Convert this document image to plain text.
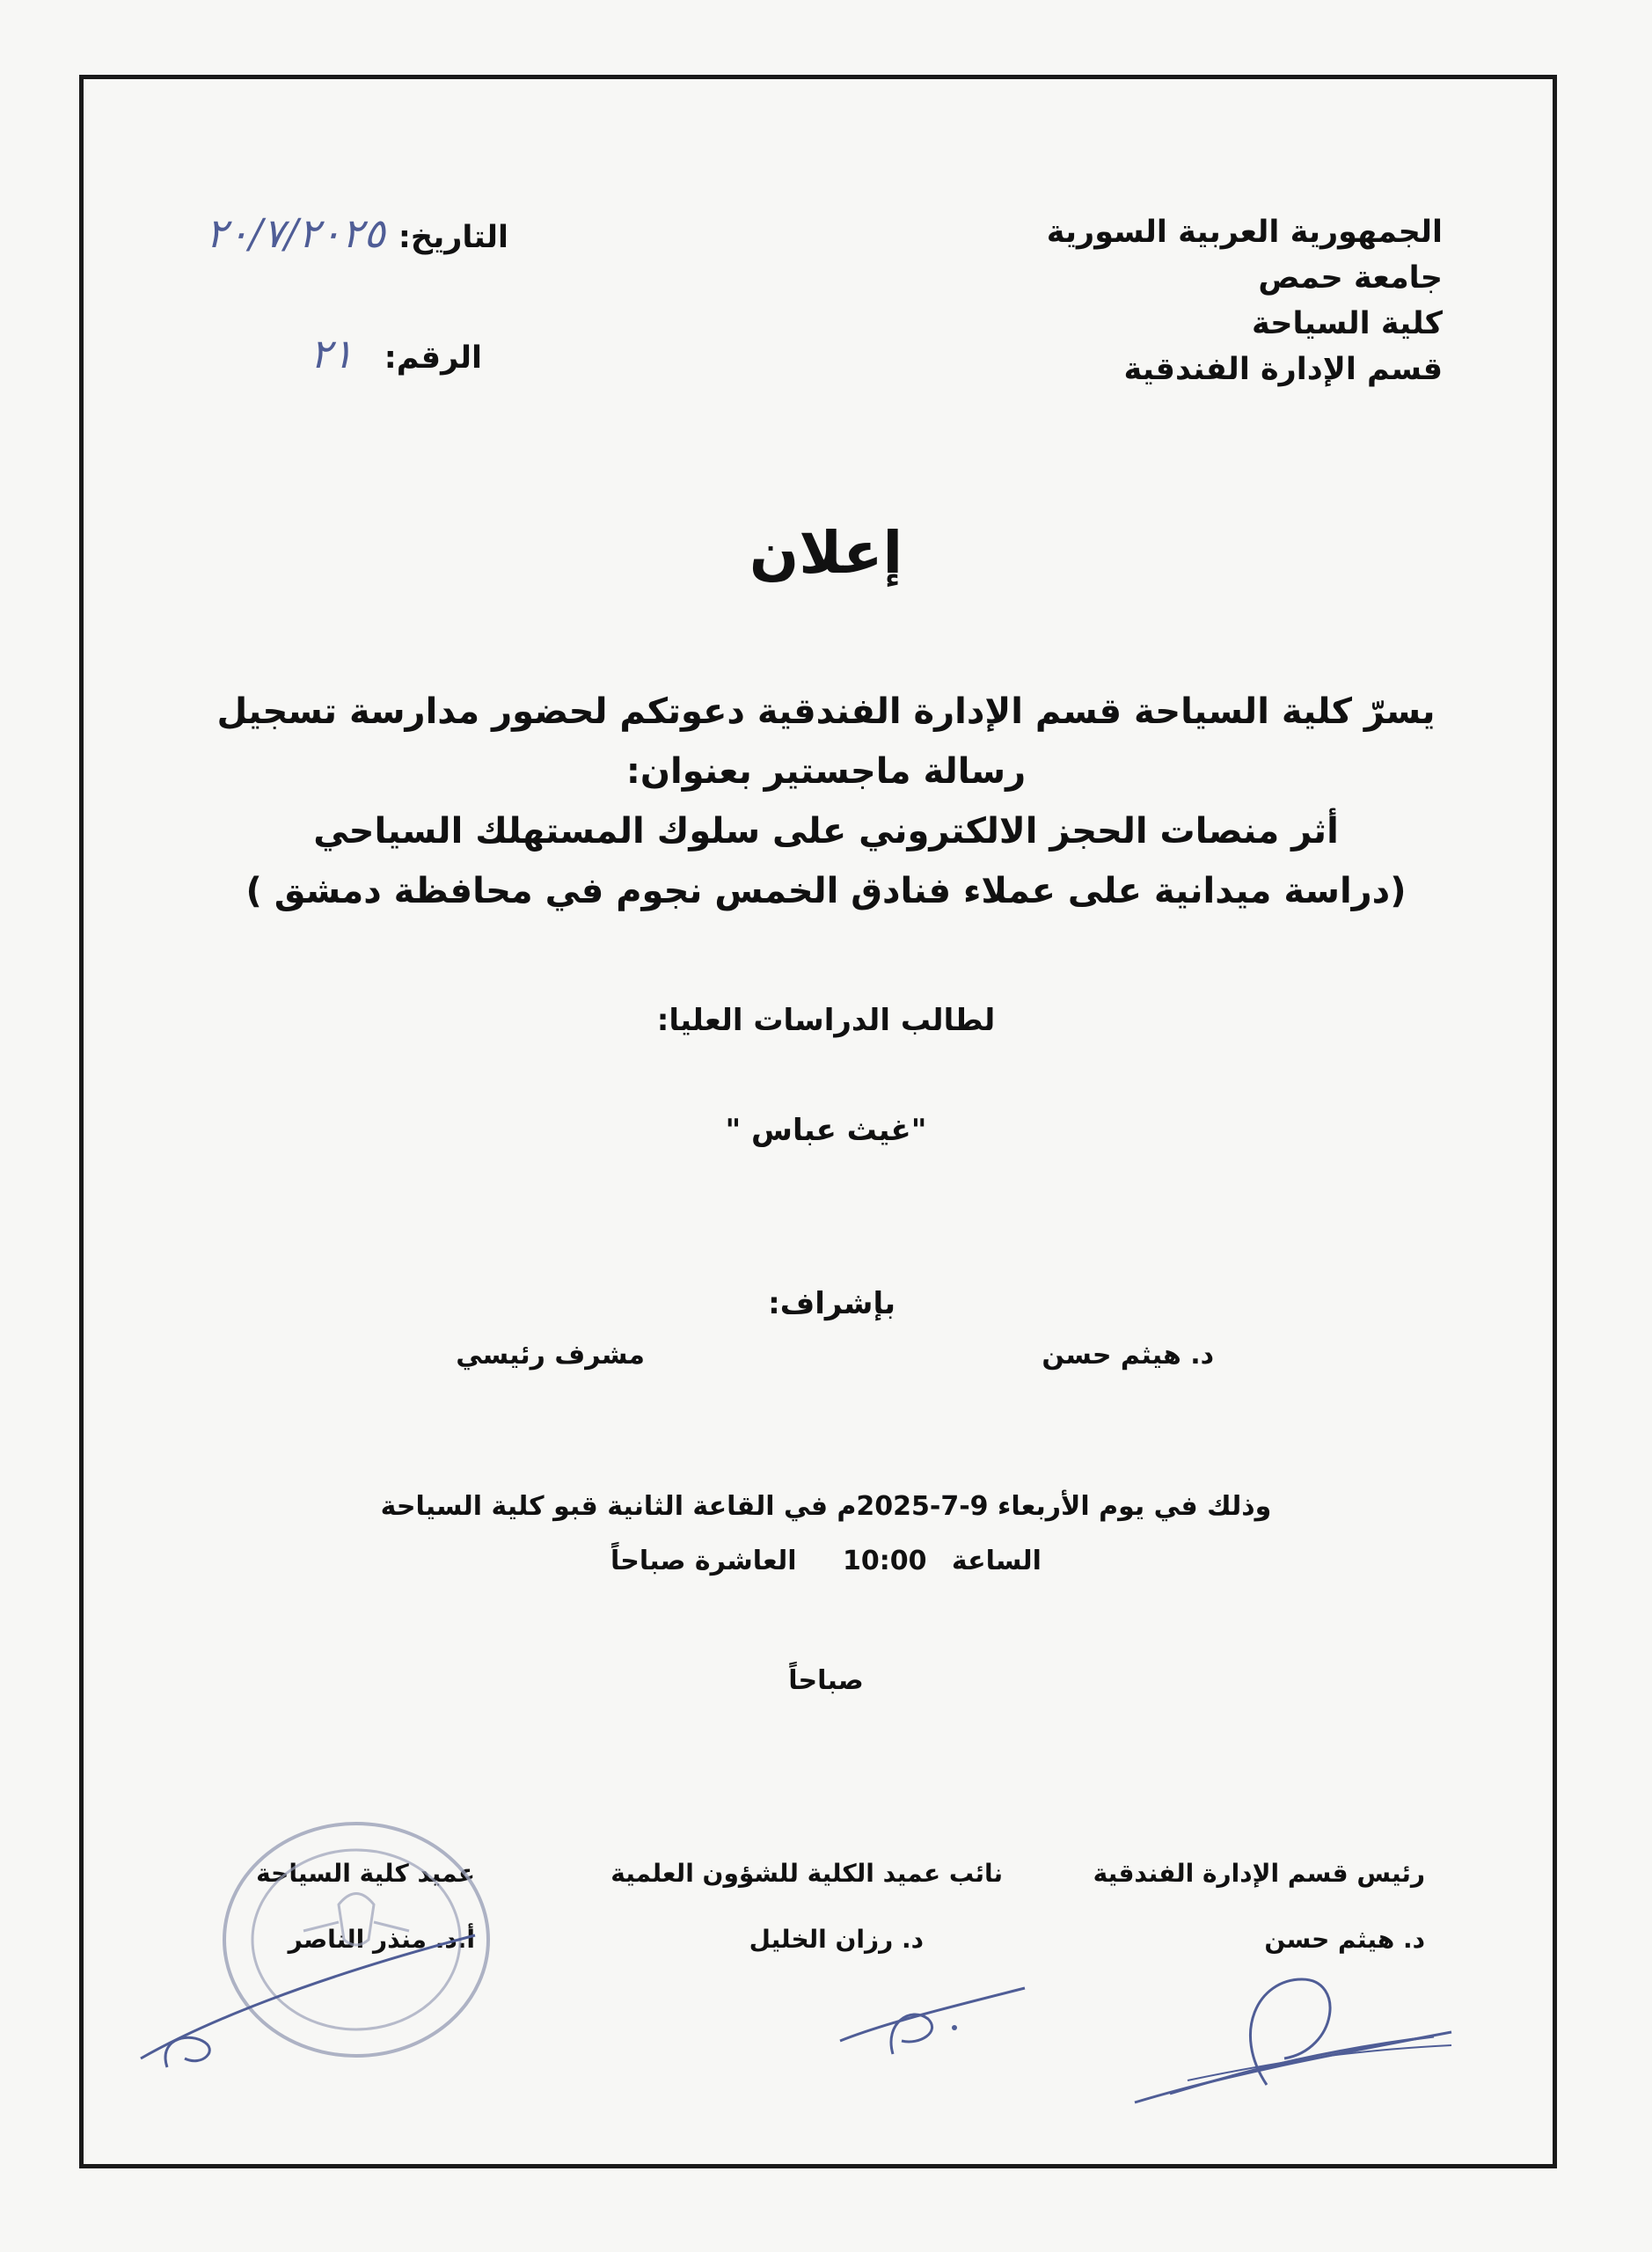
الجمهورية العربية السورية
جامعة حمص
كلية السياحة
قسم الإدارة الفندقية
التاريخ: ٢٠/٧/٢٠٢٥
الرقم: ٢١
إعلان
يسرّ كلية السياحة قسم الإدارة الفندقية دعوتكم لحضور مدارسة تسجيل
رسالة ماجستير بعنوان:
أثر منصات الحجز الالكتروني على سلوك المستهلك السياحي
(دراسة ميدانية على عملاء فنادق الخمس نجوم في محافظة دمشق )
لطالب الدراسات العليا:
"غيث عباس "
بإشراف:
د. هيثم حسن
مشرف رئيسي
وذلك في يوم الأربعاء 9-7-2025م في القاعة الثانية قبو كلية السياحة
الساعة 10:00 العاشرة صباحاً
صباحاً
رئيس قسم الإدارة الفندقية
د. هيثم حسن
نائب عميد الكلية للشؤون العلمية
د. رزان الخليل
عميد كلية السياحة
أ.د. منذر الناصر
